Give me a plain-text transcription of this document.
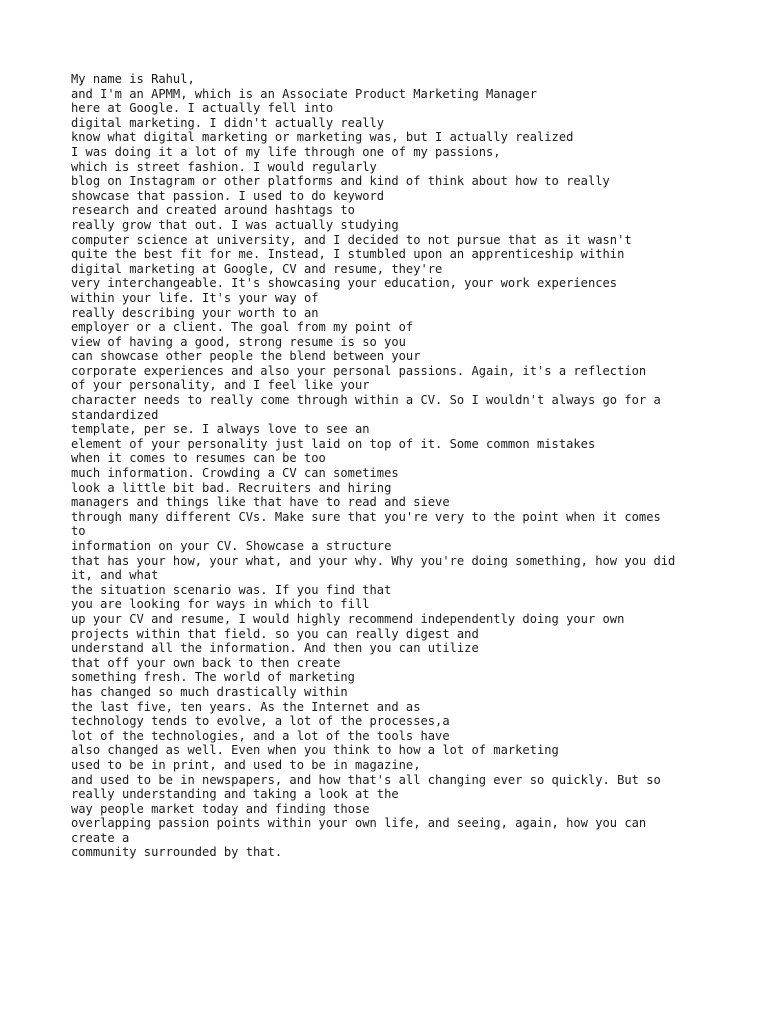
My name is Rahul,
and I'm an APMM, which is an Associate Product Marketing Manager
here at Google. I actually fell into
digital marketing. I didn't actually really
know what digital marketing or marketing was, but I actually realized
I was doing it a lot of my life through one of my passions,
which is street fashion. I would regularly
blog on Instagram or other platforms and kind of think about how to really
showcase that passion. I used to do keyword
research and created around hashtags to
really grow that out. I was actually studying
computer science at university, and I decided to not pursue that as it wasn't
quite the best fit for me. Instead, I stumbled upon an apprenticeship within
digital marketing at Google, CV and resume, they're
very interchangeable. It's showcasing your education, your work experiences
within your life. It's your way of
really describing your worth to an
employer or a client. The goal from my point of
view of having a good, strong resume is so you
can showcase other people the blend between your
corporate experiences and also your personal passions. Again, it's a reflection
of your personality, and I feel like your
character needs to really come through within a CV. So I wouldn't always go for a
standardized
template, per se. I always love to see an
element of your personality just laid on top of it. Some common mistakes
when it comes to resumes can be too
much information. Crowding a CV can sometimes
look a little bit bad. Recruiters and hiring
managers and things like that have to read and sieve
through many different CVs. Make sure that you're very to the point when it comes
to
information on your CV. Showcase a structure
that has your how, your what, and your why. Why you're doing something, how you did
it, and what
the situation scenario was. If you find that
you are looking for ways in which to fill
up your CV and resume, I would highly recommend independently doing your own
projects within that field. so you can really digest and
understand all the information. And then you can utilize
that off your own back to then create
something fresh. The world of marketing
has changed so much drastically within
the last five, ten years. As the Internet and as
technology tends to evolve, a lot of the processes,a
lot of the technologies, and a lot of the tools have
also changed as well. Even when you think to how a lot of marketing
used to be in print, and used to be in magazine,
and used to be in newspapers, and how that's all changing ever so quickly. But so
really understanding and taking a look at the
way people market today and finding those
overlapping passion points within your own life, and seeing, again, how you can
create a
community surrounded by that.
